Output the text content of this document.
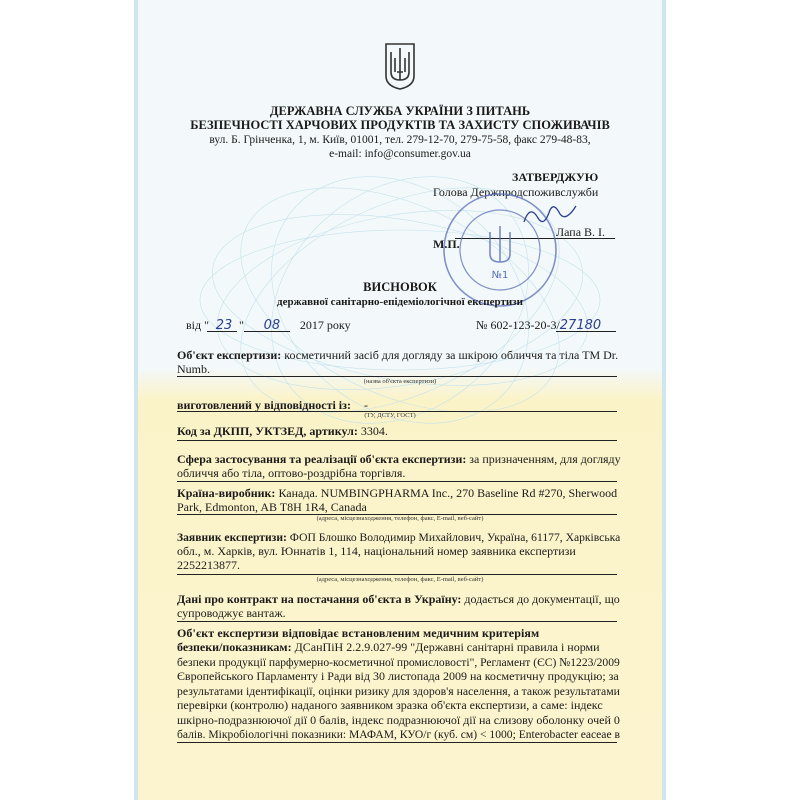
ДЕРЖАВНА СЛУЖБА УКРАЇНИ З ПИТАНЬ
БЕЗПЕЧНОСТІ ХАРЧОВИХ ПРОДУКТІВ ТА ЗАХИСТУ СПОЖИВАЧІВ
вул. Б. Грінченка, 1, м. Київ, 01001, тел. 279-12-70, 279-75-58, факс 279-48-83,
e-mail: info@consumer.gov.ua
ЗАТВЕРДЖУЮ
Голова Держпродспоживслужби
Лапа В. І.
М.П.
№1
ВИСНОВОК
державної санітарно-епідеміологічної експертизи
від " 23 " 08 2017 року	№ 602-123-20-3/27180
Об'єкт експертизи: косметичний засіб для догляду за шкірою обличчя та тіла ТМ Dr.
Numb.
(назва об'єкта експертизи)
виготовлений у відповідності із: -
(ТУ, ДСТУ, ГОСТ)
Код за ДКПП, УКТЗЕД, артикул: 3304.
Сфера застосування та реалізації об'єкта експертизи: за призначенням, для догляду
обличчя або тіла, оптово-роздрібна торгівля.
Країна-виробник: Канада. NUMBINGPHARMA Inc., 270 Baseline Rd #270, Sherwood
Park, Edmonton, AB T8H 1R4, Canada
(адреса, місцезнаходження, телефон, факс, E-mail, веб-сайт)
Заявник експертизи: ФОП Блошко Володимир Михайлович, Україна, 61177, Харківська
обл., м. Харків, вул. Юннатів 1, 114, національний номер заявника експертизи
2252213877.
(адреса, місцезнаходження, телефон, факс, E-mail, веб-сайт)
Дані про контракт на постачання об'єкта в Україну: додається до документації, що
супроводжує вантаж.
Об'єкт експертизи відповідає встановленим медичним критеріям
безпеки/показникам: ДСанПіН 2.2.9.027-99 "Державні санітарні правила і норми
безпеки продукції парфумерно-косметичної промисловості", Регламент (ЄС) №1223/2009
Європейського Парламенту і Ради від 30 листопада 2009 на косметичну продукцію; за
результатами ідентифікації, оцінки ризику для здоров'я населення, а також результатами
перевірки (контролю) наданого заявником зразка об'єкта експертизи, а саме: індекс
шкірно-подразнюючої дії 0 балів, індекс подразнюючої дії на слизову оболонку очей 0
балів. Мікробіологічні показники: МАФАМ, КУО/г (куб. см) < 1000; Enterobacter eaceae в
